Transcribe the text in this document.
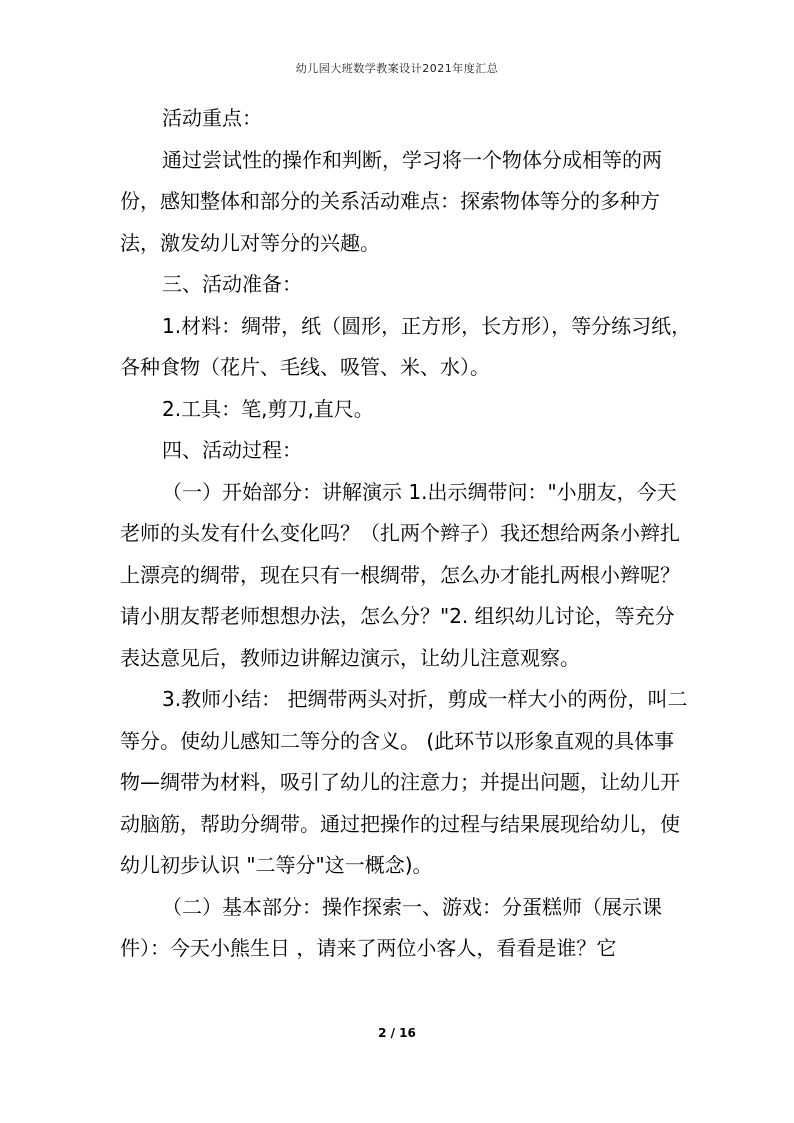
幼儿园大班数学教案设计2021年度汇总

活动重点：

通过尝试性的操作和判断，学习将一个物体分成相等的两份，感知整体和部分的关系活动难点：探索物体等分的多种方法，激发幼儿对等分的兴趣。

三、活动准备：

1.材料：绸带，纸（圆形，正方形，长方形），等分练习纸，各种食物（花片、毛线、吸管、米、水）。

2.工具：笔,剪刀,直尺。

四、活动过程：

（一）开始部分：讲解演示 1.出示绸带问："小朋友，今天老师的头发有什么变化吗？（扎两个辫子）我还想给两条小辫扎上漂亮的绸带，现在只有一根绸带，怎么办才能扎两根小辫呢？ 请小朋友帮老师想想办法，怎么分？"2. 组织幼儿讨论，等充分表达意见后，教师边讲解边演示，让幼儿注意观察。

3.教师小结： 把绸带两头对折，剪成一样大小的两份，叫二等分。使幼儿感知二等分的含义。 (此环节以形象直观的具体事物—绸带为材料，吸引了幼儿的注意力；并提出问题，让幼儿开动脑筋，帮助分绸带。通过把操作的过程与结果展现给幼儿，使幼儿初步认识 "二等分"这一概念)。

（二）基本部分：操作探索一、游戏：分蛋糕师（展示课件）：今天小熊生日 ，请来了两位小客人，看看是谁？它

2 / 16
